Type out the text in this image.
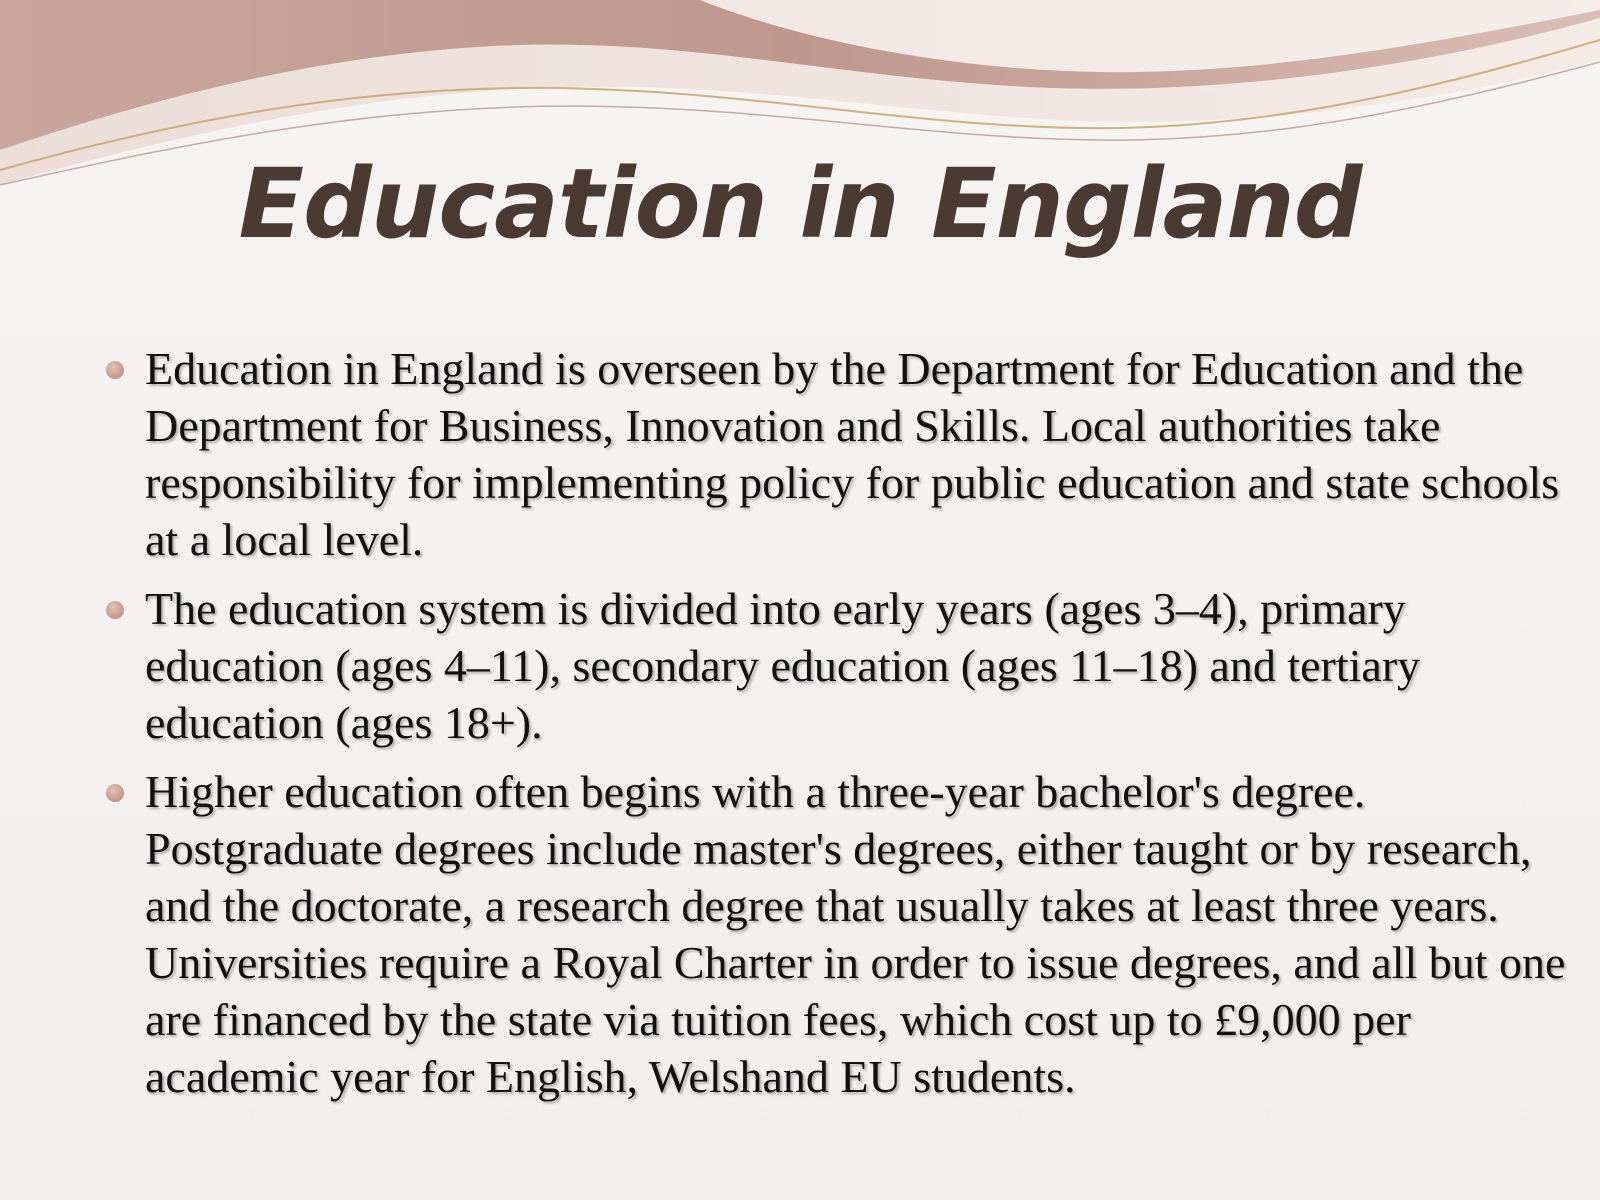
Education in England
Education in England is overseen by the Department for Education and the Department for Business, Innovation and Skills. Local authorities take responsibility for implementing policy for public education and state schools at a local level.
The education system is divided into early years (ages 3–4), primary education (ages 4–11), secondary education (ages 11–18) and tertiary education (ages 18+).
Higher education often begins with a three-year bachelor's degree. Postgraduate degrees include master's degrees, either taught or by research, and the doctorate, a research degree that usually takes at least three years. Universities require a Royal Charter in order to issue degrees, and all but one are financed by the state via tuition fees, which cost up to £9,000 per academic year for English, Welshand EU students.
